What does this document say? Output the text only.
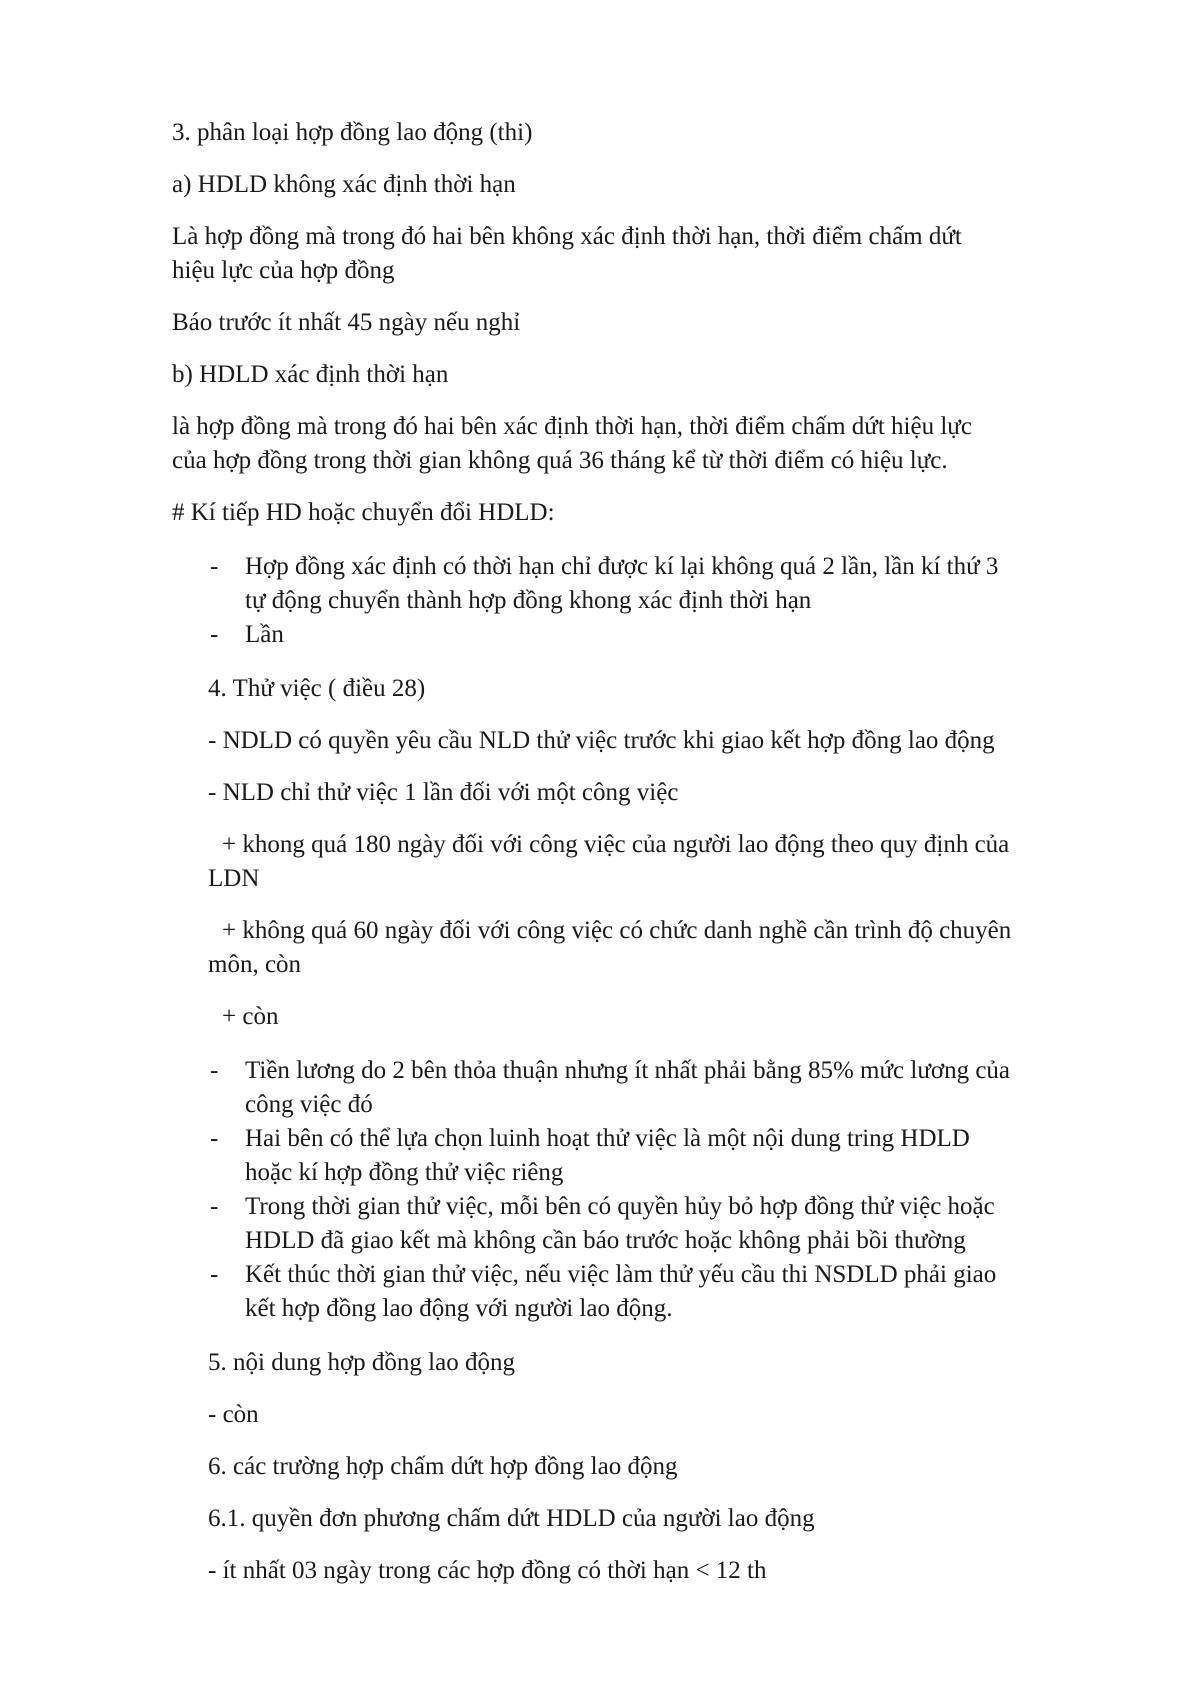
3. phân loại hợp đồng lao động (thi)
a) HDLD không xác định thời hạn
Là hợp đồng mà trong đó hai bên không xác định thời hạn, thời điểm chấm dứt
hiệu lực của hợp đồng
Báo trước ít nhất 45 ngày nếu nghỉ
b) HDLD xác định thời hạn
là hợp đồng mà trong đó hai bên xác định thời hạn, thời điểm chấm dứt hiệu lực
của hợp đồng trong thời gian không quá 36 tháng kể từ thời điểm có hiệu lực.
# Kí tiếp HD hoặc chuyển đổi HDLD:
- Hợp đồng xác định có thời hạn chỉ được kí lại không quá 2 lần, lần kí thứ 3
tự động chuyển thành hợp đồng khong xác định thời hạn
- Lần
4. Thử việc ( điều 28)
- NDLD có quyền yêu cầu NLD thử việc trước khi giao kết hợp đồng lao động
- NLD chỉ thử việc 1 lần đối với một công việc
+ khong quá 180 ngày đối với công việc của người lao động theo quy định của
LDN
+ không quá 60 ngày đối với công việc có chức danh nghề cần trình độ chuyên
môn, còn
+ còn
- Tiền lương do 2 bên thỏa thuận nhưng ít nhất phải bằng 85% mức lương của
công việc đó
- Hai bên có thể lựa chọn luinh hoạt thử việc là một nội dung tring HDLD
hoặc kí hợp đồng thử việc riêng
- Trong thời gian thử việc, mỗi bên có quyền hủy bỏ hợp đồng thử việc hoặc
HDLD đã giao kết mà không cần báo trước hoặc không phải bồi thường
- Kết thúc thời gian thử việc, nếu việc làm thử yếu cầu thi NSDLD phải giao
kết hợp đồng lao động với người lao động.
5. nội dung hợp đồng lao động
- còn
6. các trường hợp chấm dứt hợp đồng lao động
6.1. quyền đơn phương chấm dứt HDLD của người lao động
- ít nhất 03 ngày trong các hợp đồng có thời hạn < 12 th
